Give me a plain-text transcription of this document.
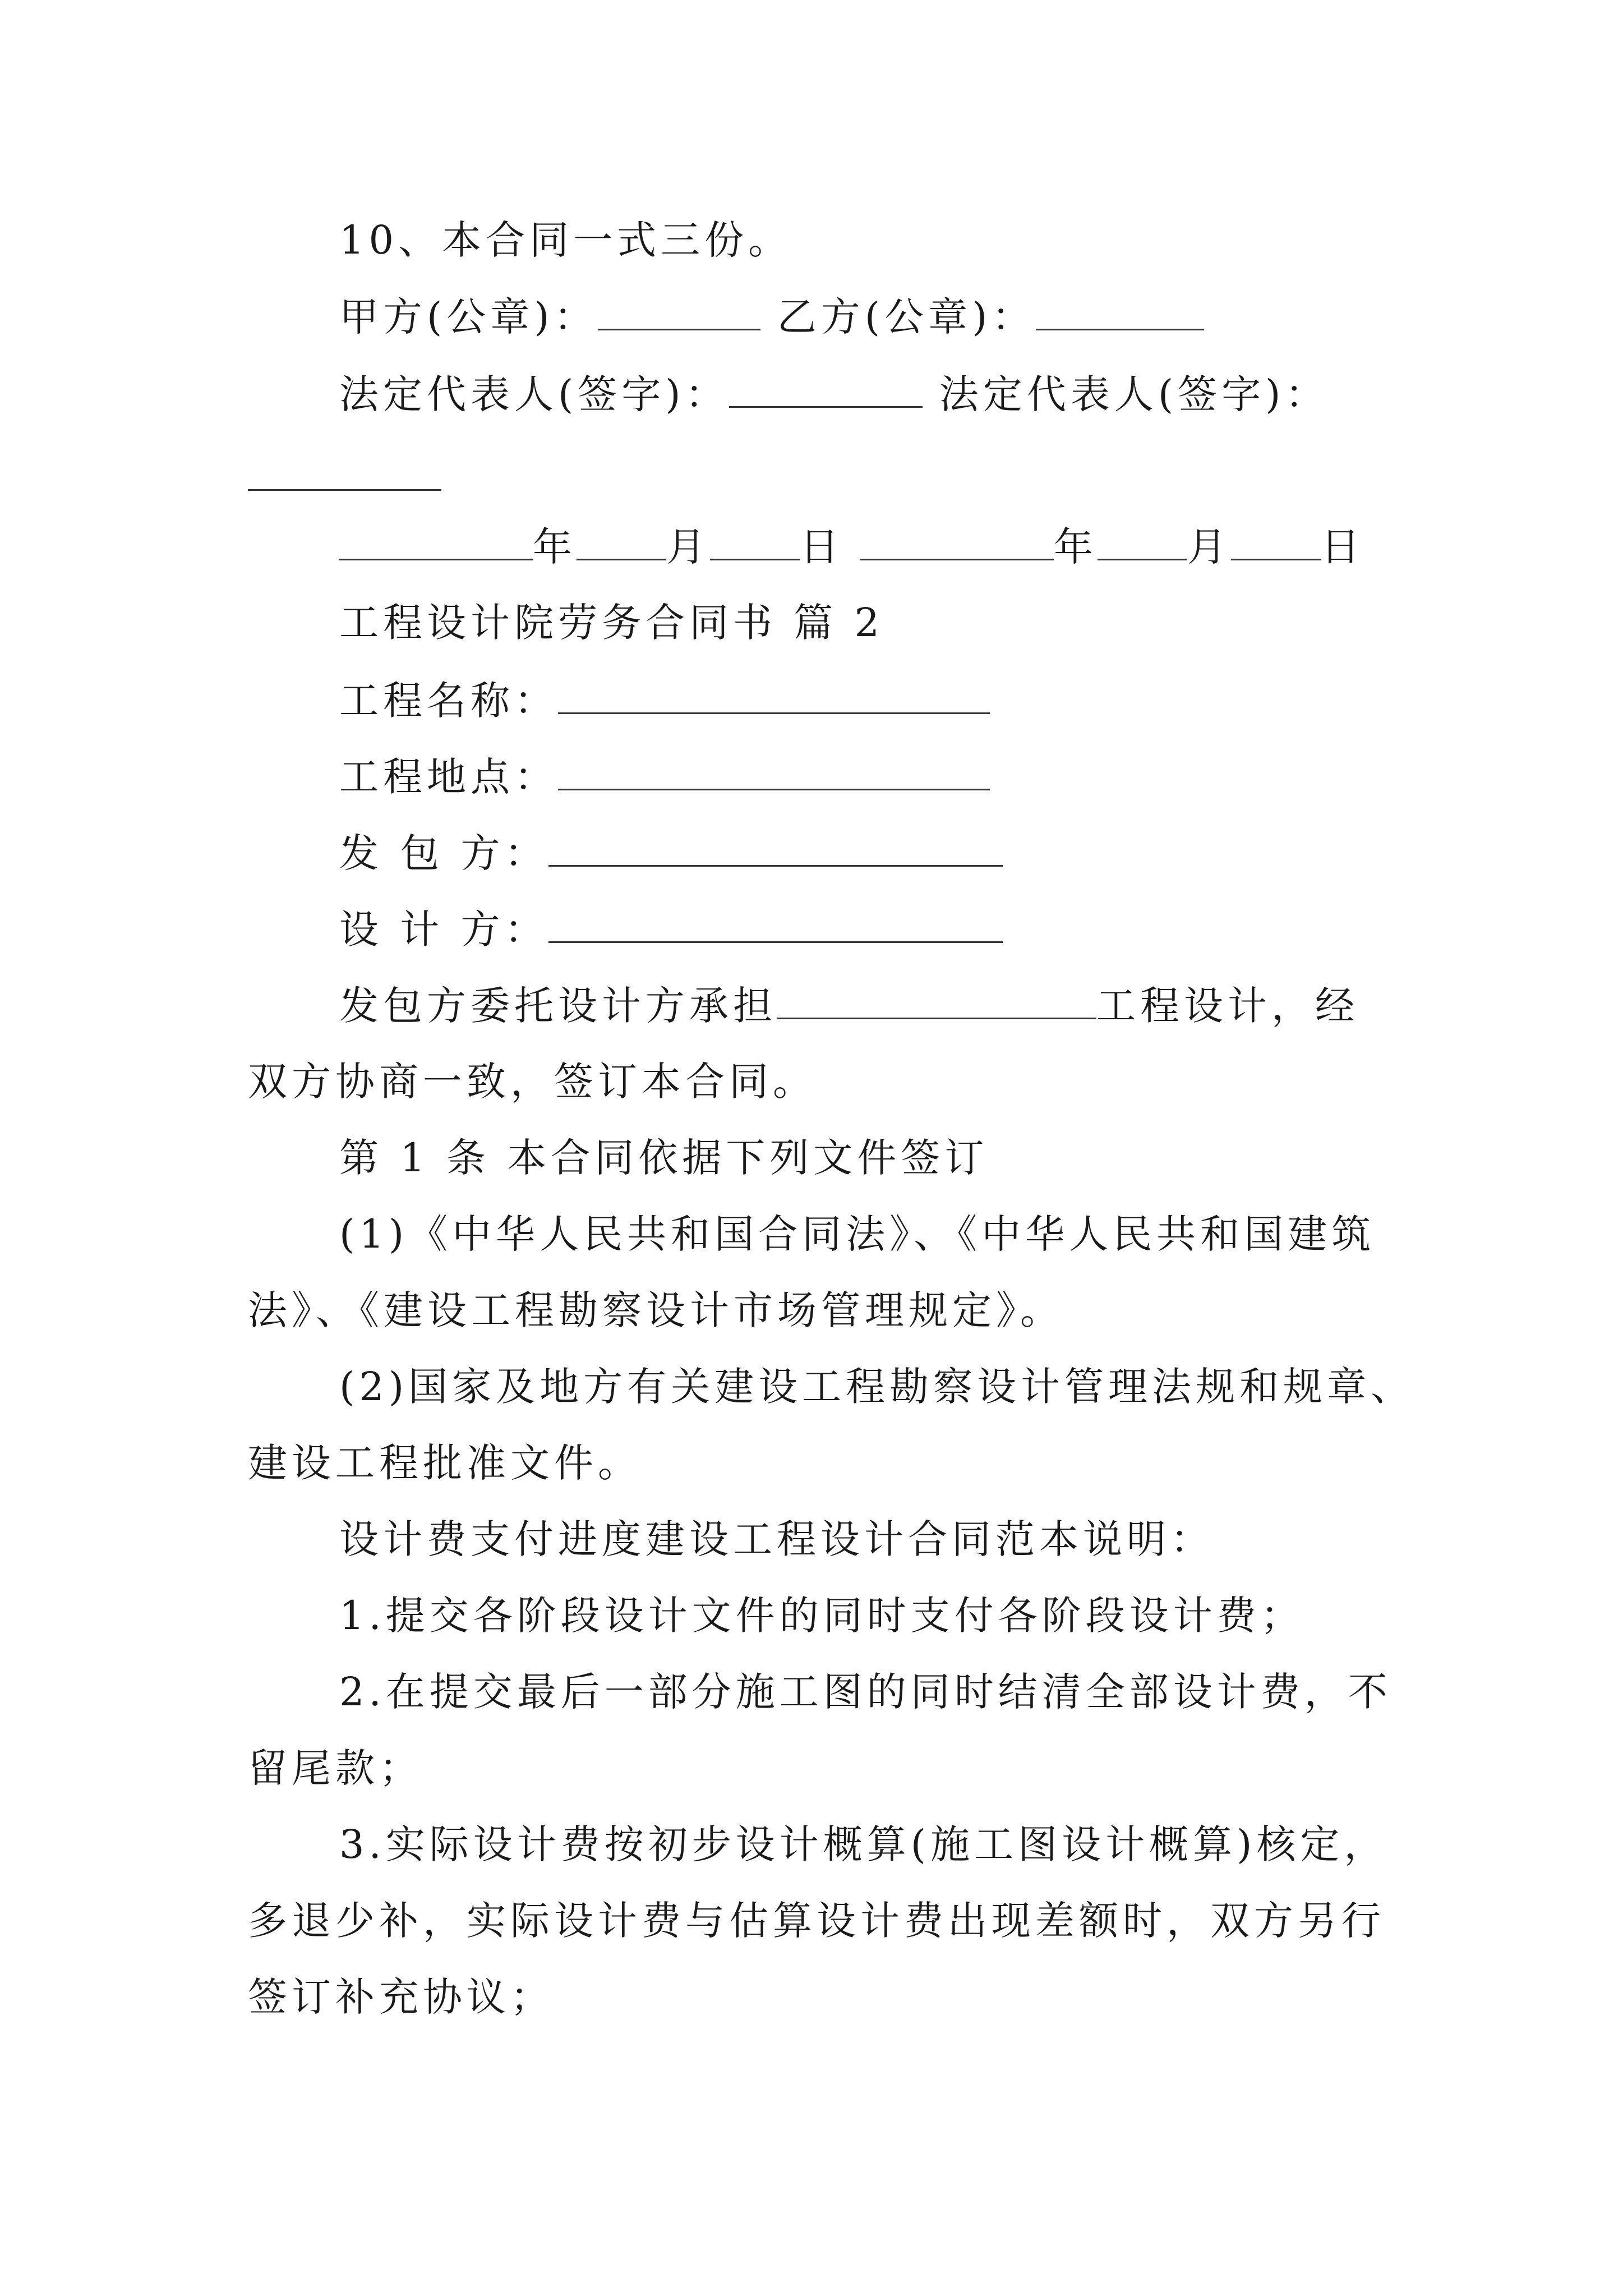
10、本合同一式三份。
甲方(公章)：	乙方(公章)：
法定代表人(签字)：	法定代表人(签字)：
年 月 日	年 月 日
工程设计院劳务合同书 篇 2
工程名称：
工程地点：
发 包 方：
设 计 方：
发包方委托设计方承担	工程设计，经
双方协商一致，签订本合同。
第 1 条 本合同依据下列文件签订
(1)《中华人民共和国合同法》、《中华人民共和国建筑
法》、《建设工程勘察设计市场管理规定》。
(2)国家及地方有关建设工程勘察设计管理法规和规章、
建设工程批准文件。
设计费支付进度建设工程设计合同范本说明：
1.提交各阶段设计文件的同时支付各阶段设计费；
2.在提交最后一部分施工图的同时结清全部设计费，不
留尾款；
3.实际设计费按初步设计概算(施工图设计概算)核定，
多退少补，实际设计费与估算设计费出现差额时，双方另行
签订补充协议；
